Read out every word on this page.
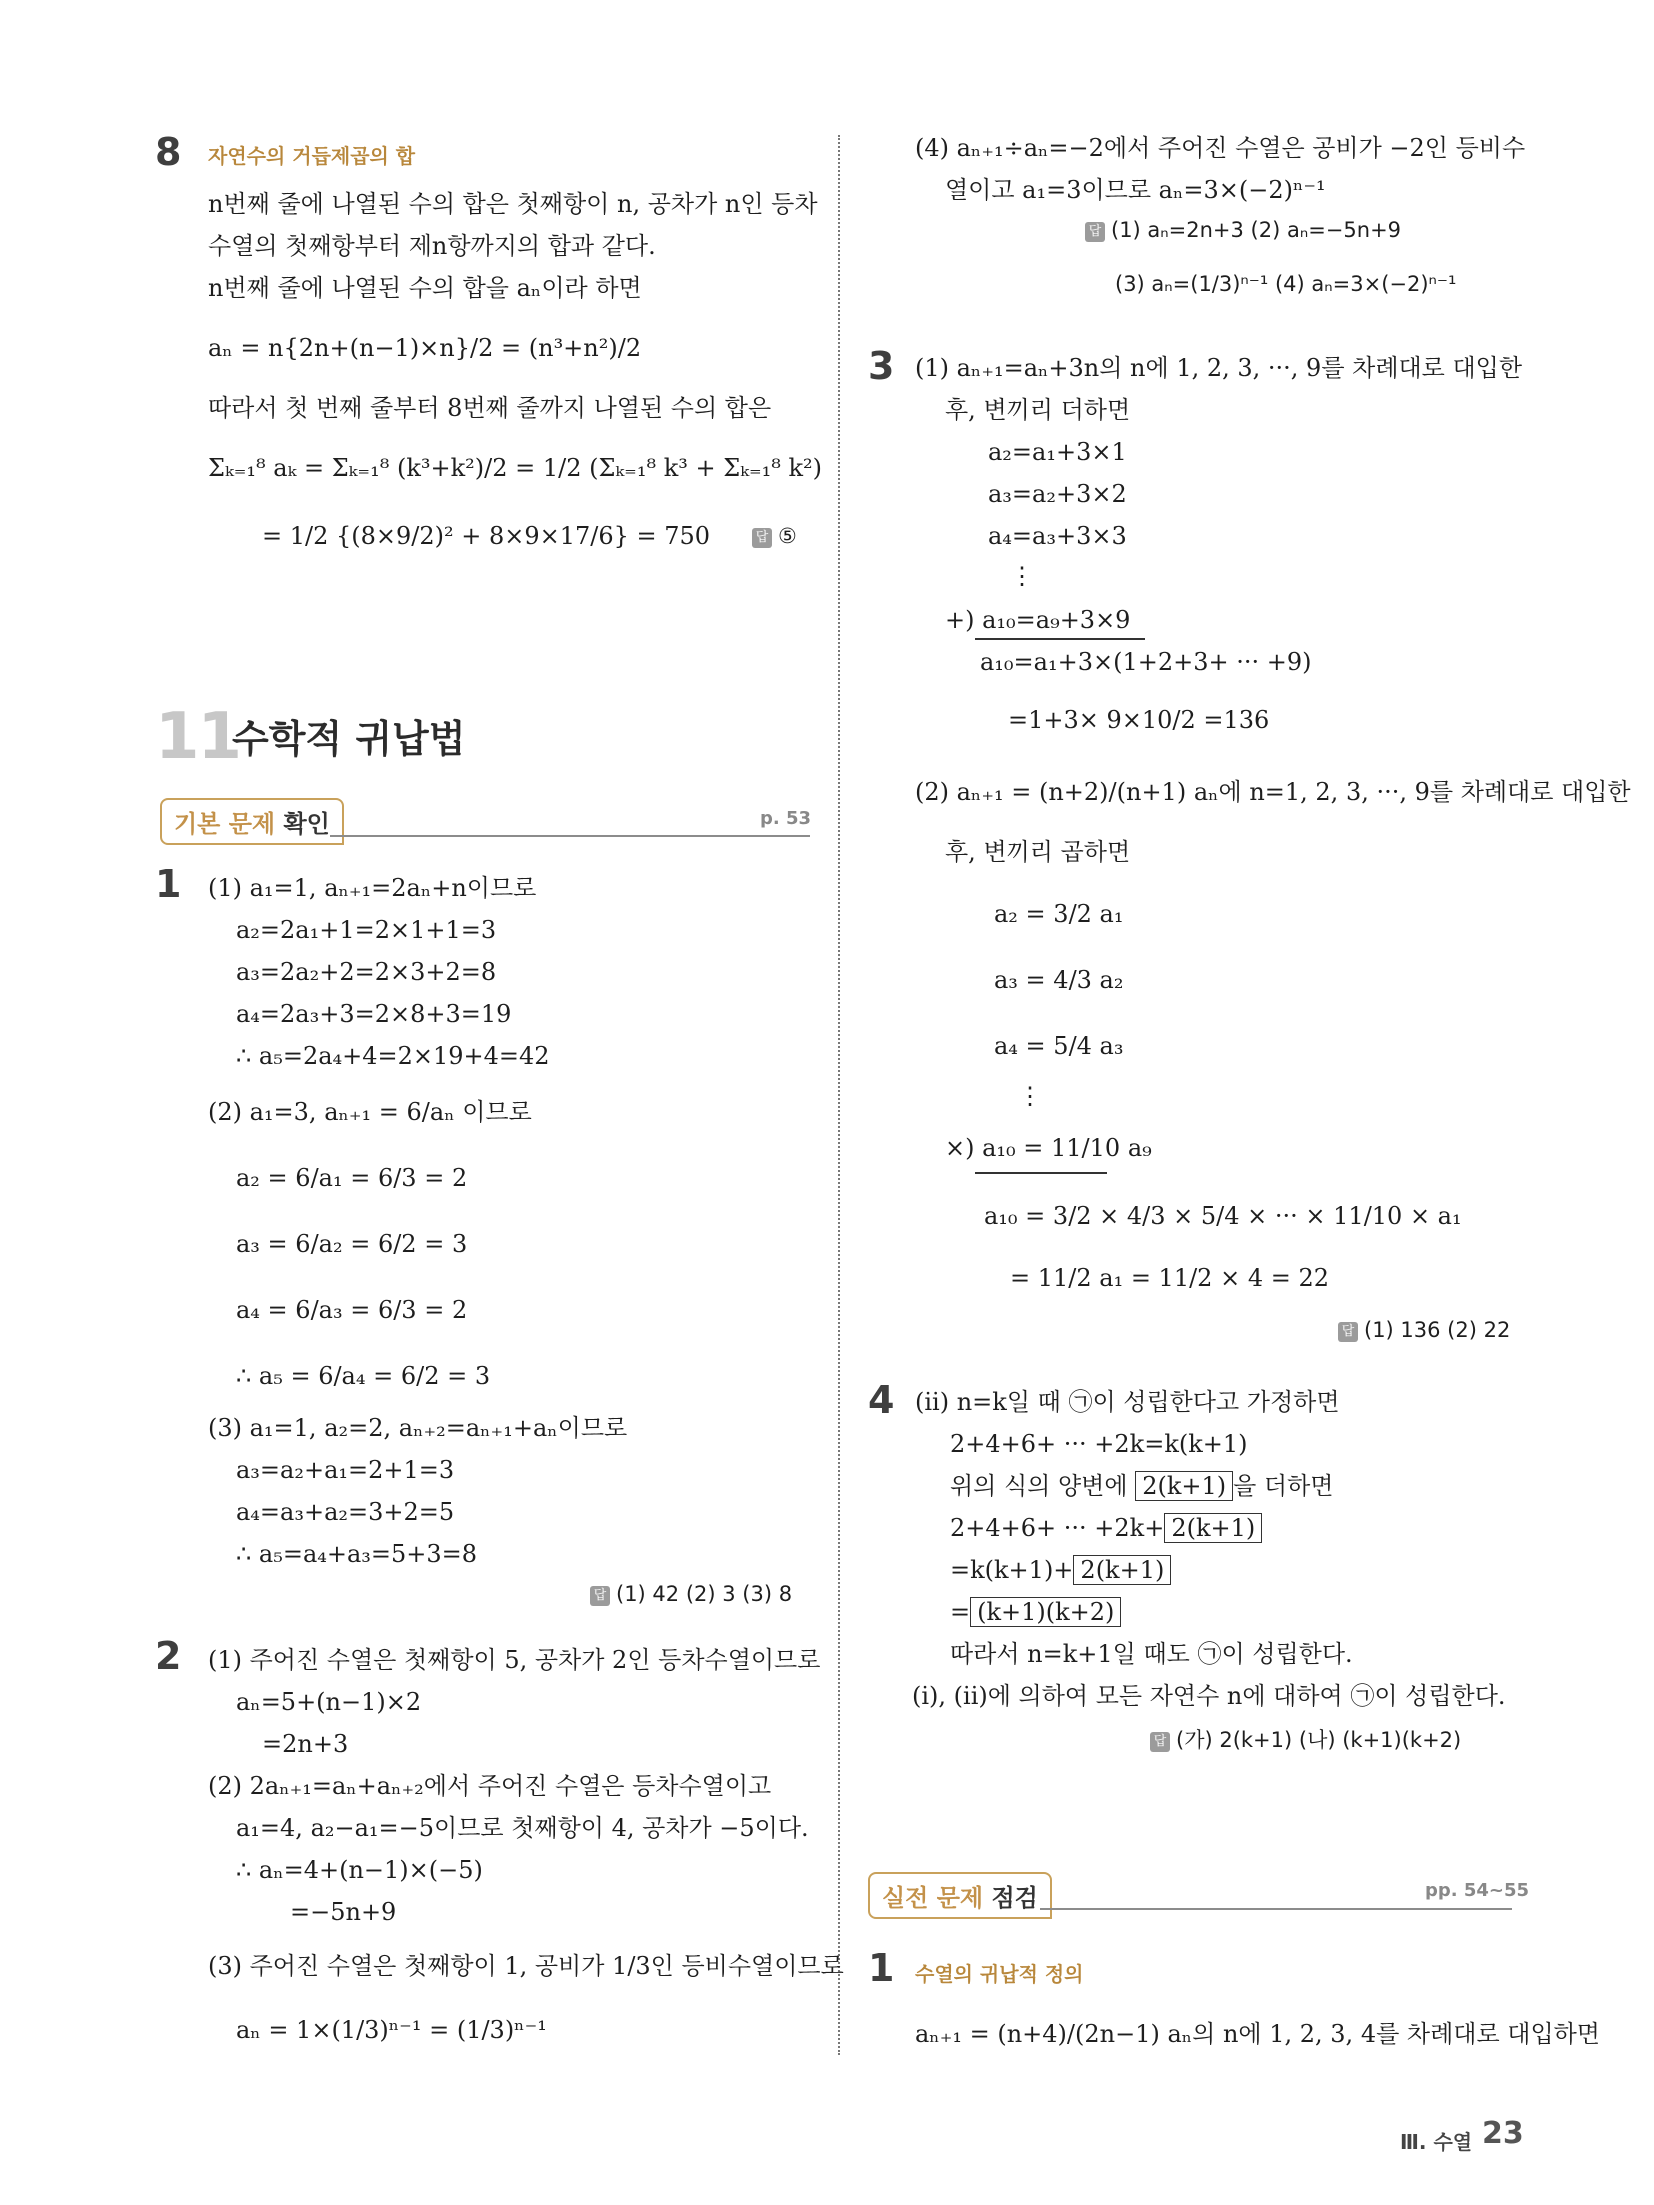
8 자연수의 거듭제곱의 합
n번째 줄에 나열된 수의 합은 첫째항이 n, 공차가 n인 등차
수열의 첫째항부터 제n항까지의 합과 같다.
n번째 줄에 나열된 수의 합을 aₙ이라 하면
aₙ = n{2n+(n−1)×n}/2 = (n³+n²)/2
따라서 첫 번째 줄부터 8번째 줄까지 나열된 수의 합은
Σₖ₌₁⁸ aₖ = Σₖ₌₁⁸ (k³+k²)/2 = 1/2 (Σₖ₌₁⁸ k³ + Σₖ₌₁⁸ k²)
= 1/2 {(8×9/2)² + 8×9×17/6} = 750	답 ⑤
11
수학적 귀납법
기본 문제 확인	p. 53
1 (1) a₁=1, aₙ₊₁=2aₙ+n이므로
a₂=2a₁+1=2×1+1=3
a₃=2a₂+2=2×3+2=8
a₄=2a₃+3=2×8+3=19
∴ a₅=2a₄+4=2×19+4=42
(2) a₁=3, aₙ₊₁ = 6/aₙ 이므로
a₂ = 6/a₁ = 6/3 = 2
a₃ = 6/a₂ = 6/2 = 3
a₄ = 6/a₃ = 6/3 = 2
∴ a₅ = 6/a₄ = 6/2 = 3
(3) a₁=1, a₂=2, aₙ₊₂=aₙ₊₁+aₙ이므로
a₃=a₂+a₁=2+1=3
a₄=a₃+a₂=3+2=5
∴ a₅=a₄+a₃=5+3=8
답 (1) 42 (2) 3 (3) 8
2 (1) 주어진 수열은 첫째항이 5, 공차가 2인 등차수열이므로
aₙ=5+(n−1)×2
=2n+3
(2) 2aₙ₊₁=aₙ+aₙ₊₂에서 주어진 수열은 등차수열이고
a₁=4, a₂−a₁=−5이므로 첫째항이 4, 공차가 −5이다.
∴ aₙ=4+(n−1)×(−5)
=−5n+9
(3) 주어진 수열은 첫째항이 1, 공비가 1/3인 등비수열이므로
aₙ = 1×(1/3)ⁿ⁻¹ = (1/3)ⁿ⁻¹
(4) aₙ₊₁÷aₙ=−2에서 주어진 수열은 공비가 −2인 등비수
열이고 a₁=3이므로 aₙ=3×(−2)ⁿ⁻¹
답 (1) aₙ=2n+3 (2) aₙ=−5n+9
(3) aₙ=(1/3)ⁿ⁻¹ (4) aₙ=3×(−2)ⁿ⁻¹
3 (1) aₙ₊₁=aₙ+3n의 n에 1, 2, 3, ···, 9를 차례대로 대입한
후, 변끼리 더하면
a₂=a₁+3×1
a₃=a₂+3×2
a₄=a₃+3×3
⋮
+) a₁₀=a₉+3×9
a₁₀=a₁+3×(1+2+3+ ··· +9)
=1+3× 9×10/2 =136
(2) aₙ₊₁ = (n+2)/(n+1) aₙ에 n=1, 2, 3, ···, 9를 차례대로 대입한
후, 변끼리 곱하면
a₂ = 3/2 a₁
a₃ = 4/3 a₂
a₄ = 5/4 a₃
⋮
×) a₁₀ = 11/10 a₉
a₁₀ = 3/2 × 4/3 × 5/4 × ··· × 11/10 × a₁
= 11/2 a₁ = 11/2 × 4 = 22
답 (1) 136 (2) 22
4 (ii) n=k일 때 ㉠이 성립한다고 가정하면
2+4+6+ ··· +2k=k(k+1)
위의 식의 양변에 2(k+1) 을 더하면
2+4+6+ ··· +2k+ 2(k+1)
=k(k+1)+ 2(k+1)
= (k+1)(k+2)
따라서 n=k+1일 때도 ㉠이 성립한다.
(i), (ii)에 의하여 모든 자연수 n에 대하여 ㉠이 성립한다.
답 (가) 2(k+1) (나) (k+1)(k+2)
실전 문제 점검	pp. 54~55
1 수열의 귀납적 정의
aₙ₊₁ = (n+4)/(2n−1) aₙ의 n에 1, 2, 3, 4를 차례대로 대입하면
Ⅲ. 수열 23
